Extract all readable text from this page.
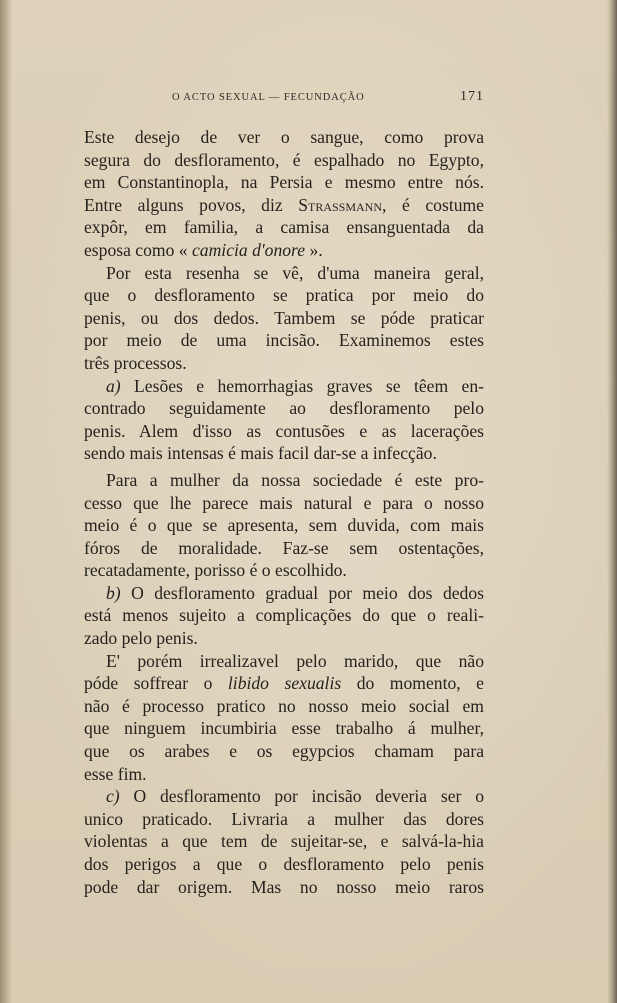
O ACTO SEXUAL — FECUNDAÇÃO	171
Este desejo de ver o sangue, como prova
segura do desfloramento, é espalhado no Egypto,
em Constantinopla, na Persia e mesmo entre nós.
Entre alguns povos, diz Strassmann, é costume
expôr, em familia, a camisa ensanguentada da
esposa como « camicia d'onore ».
Por esta resenha se vê, d'uma maneira geral,
que o desfloramento se pratica por meio do
penis, ou dos dedos. Tambem se póde praticar
por meio de uma incisão. Examinemos estes
três processos.
a) Lesões e hemorrhagias graves se têem en-
contrado seguidamente ao desfloramento pelo
penis. Alem d'isso as contusões e as lacerações
sendo mais intensas é mais facil dar-se a infecção.
Para a mulher da nossa sociedade é este pro-
cesso que lhe parece mais natural e para o nosso
meio é o que se apresenta, sem duvida, com mais
fóros de moralidade. Faz-se sem ostentações,
recatadamente, porisso é o escolhido.
b) O desfloramento gradual por meio dos dedos
está menos sujeito a complicações do que o reali-
zado pelo penis.
E' porém irrealizavel pelo marido, que não
póde soffrear o libido sexualis do momento, e
não é processo pratico no nosso meio social em
que ninguem incumbiria esse trabalho á mulher,
que os arabes e os egypcios chamam para
esse fim.
c) O desfloramento por incisão deveria ser o
unico praticado. Livraria a mulher das dores
violentas a que tem de sujeitar-se, e salvá-la-hia
dos perigos a que o desfloramento pelo penis
pode dar origem. Mas no nosso meio raros
